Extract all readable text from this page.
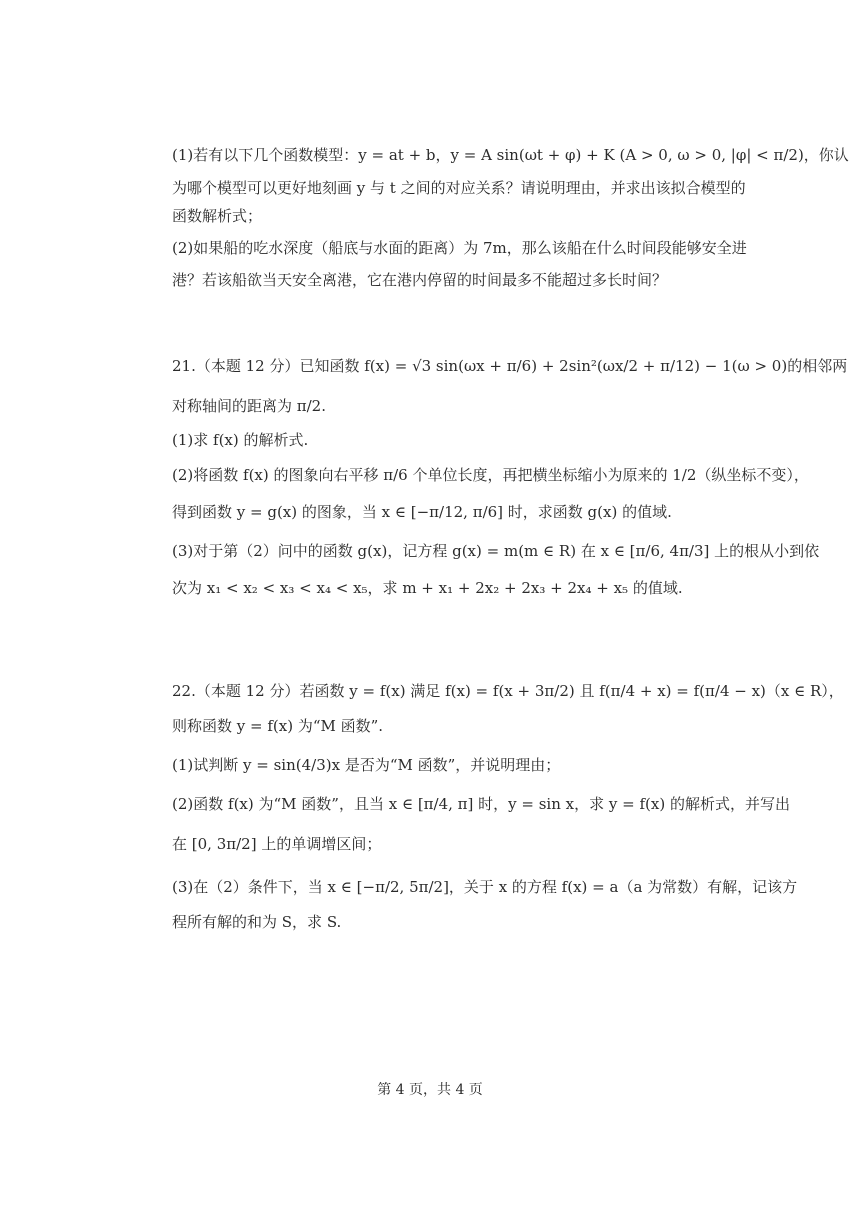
(1)若有以下几个函数模型：y = at + b，y = A sin(ωt + φ) + K (A > 0, ω > 0, |φ| < π/2)，你认
为哪个模型可以更好地刻画 y 与 t 之间的对应关系？请说明理由，并求出该拟合模型的
函数解析式；
(2)如果船的吃水深度（船底与水面的距离）为 7m，那么该船在什么时间段能够安全进
港？若该船欲当天安全离港，它在港内停留的时间最多不能超过多长时间？
21.（本题 12 分）已知函数 f(x) = √3 sin(ωx + π/6) + 2sin²(ωx/2 + π/12) − 1(ω > 0)的相邻两
对称轴间的距离为 π/2.
(1)求 f(x) 的解析式.
(2)将函数 f(x) 的图象向右平移 π/6 个单位长度，再把横坐标缩小为原来的 1/2（纵坐标不变），
得到函数 y = g(x) 的图象，当 x ∈ [−π/12, π/6] 时，求函数 g(x) 的值域.
(3)对于第（2）问中的函数 g(x)，记方程 g(x) = m(m ∈ R) 在 x ∈ [π/6, 4π/3] 上的根从小到依
次为 x₁ < x₂ < x₃ < x₄ < x₅，求 m + x₁ + 2x₂ + 2x₃ + 2x₄ + x₅ 的值域.
22.（本题 12 分）若函数 y = f(x) 满足 f(x) = f(x + 3π/2) 且 f(π/4 + x) = f(π/4 − x)（x ∈ R），
则称函数 y = f(x) 为“M 函数”.
(1)试判断 y = sin(4/3)x 是否为“M 函数”，并说明理由；
(2)函数 f(x) 为“M 函数”，且当 x ∈ [π/4, π] 时，y = sin x，求 y = f(x) 的解析式，并写出
在 [0, 3π/2] 上的单调增区间；
(3)在（2）条件下，当 x ∈ [−π/2, 5π/2]，关于 x 的方程 f(x) = a（a 为常数）有解，记该方
程所有解的和为 S，求 S.
第 4 页，共 4 页
